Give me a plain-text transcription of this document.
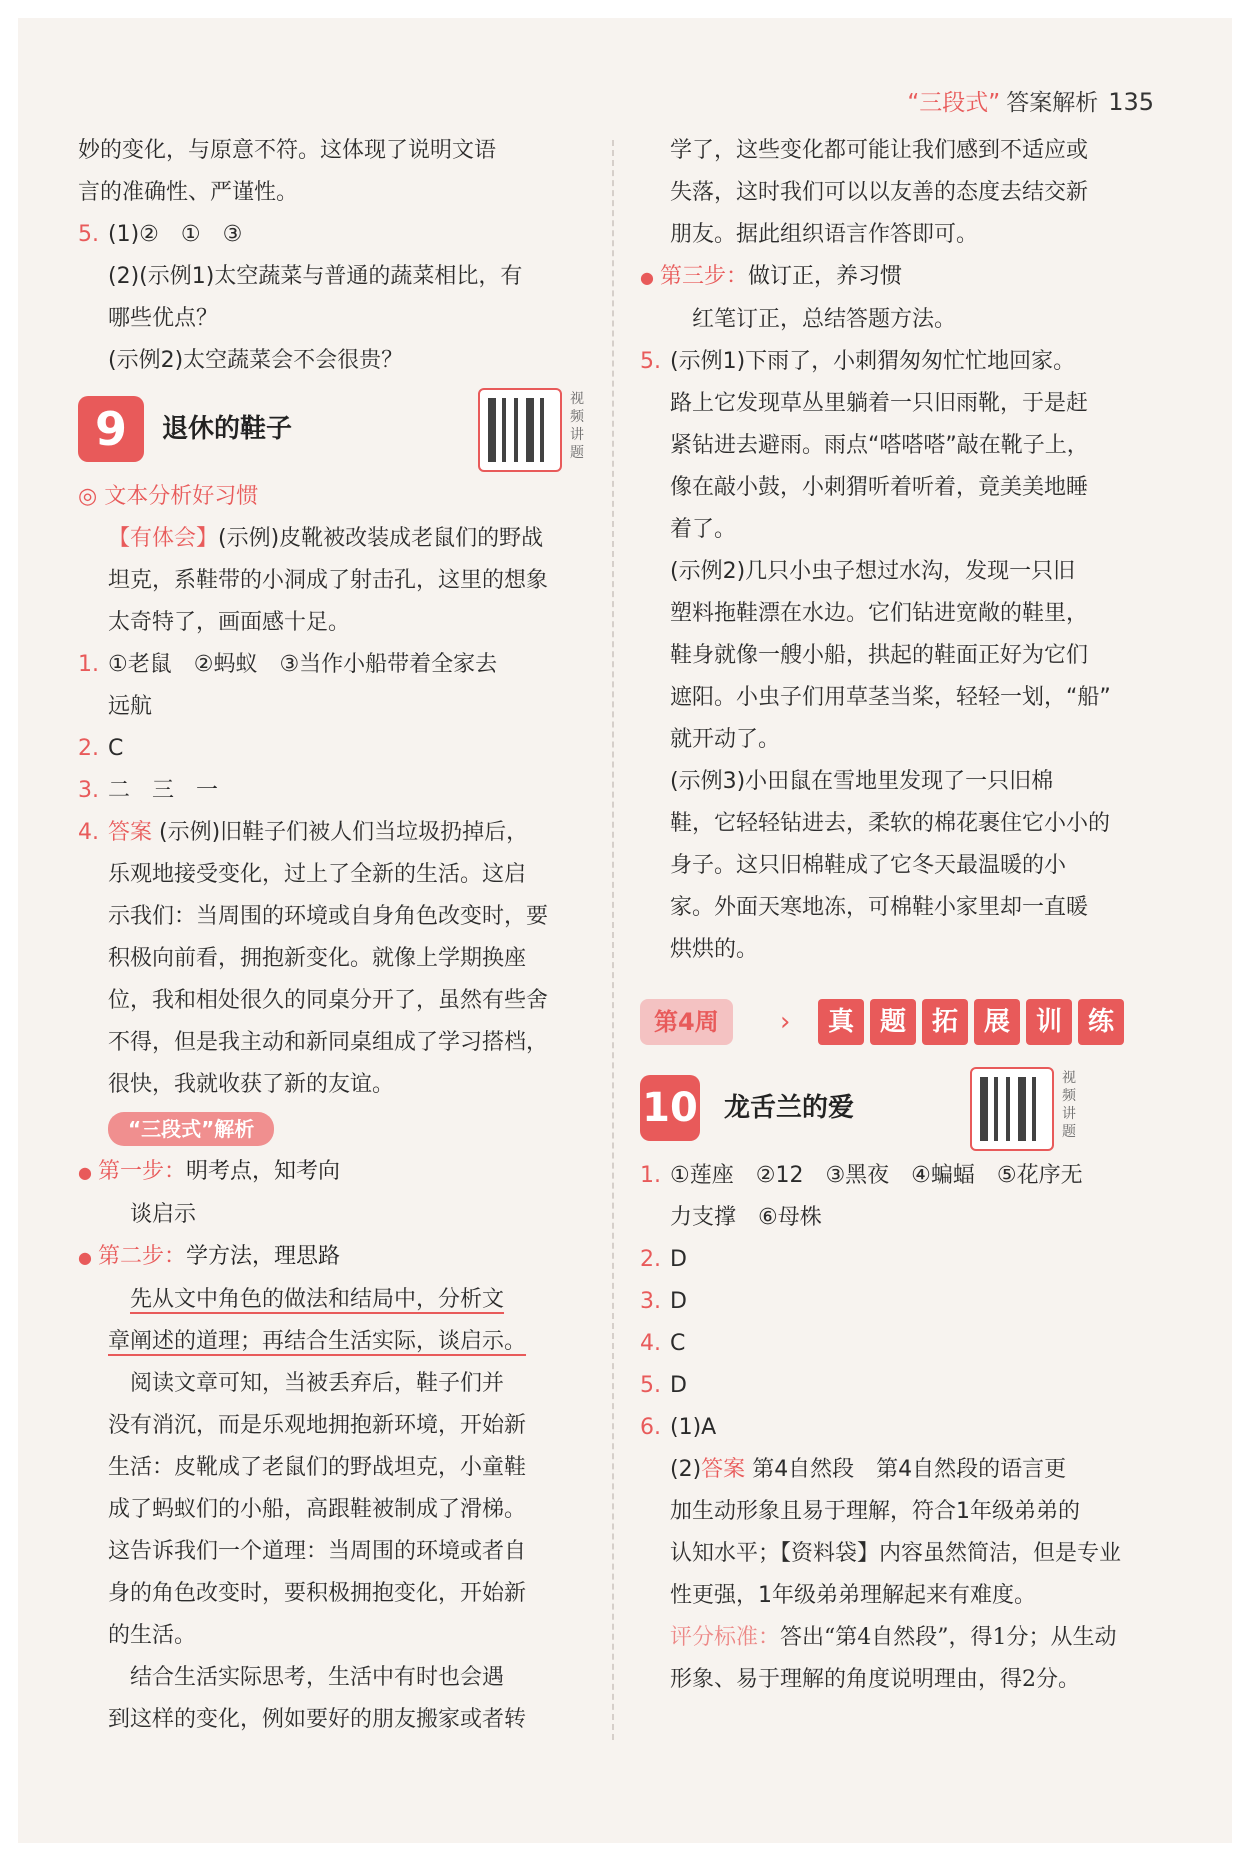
“三段式” 答案解析 135
妙的变化，与原意不符。这体现了说明文语
言的准确性、严谨性。
5. (1)②　①　③
(2)(示例1)太空蔬菜与普通的蔬菜相比，有
哪些优点？
(示例2)太空蔬菜会不会很贵？
9	退休的鞋子
视频讲题
◎ 文本分析好习惯
【有体会】(示例)皮靴被改装成老鼠们的野战
坦克，系鞋带的小洞成了射击孔，这里的想象
太奇特了，画面感十足。
1. ①老鼠　②蚂蚁　③当作小船带着全家去
远航
2. C
3. 二　三　一
4. 答案 (示例)旧鞋子们被人们当垃圾扔掉后，
乐观地接受变化，过上了全新的生活。这启
示我们：当周围的环境或自身角色改变时，要
积极向前看，拥抱新变化。就像上学期换座
位，我和相处很久的同桌分开了，虽然有些舍
不得，但是我主动和新同桌组成了学习搭档，
很快，我就收获了新的友谊。
“三段式”解析
● 第一步：明考点，知考向
谈启示
● 第二步：学方法，理思路
先从文中角色的做法和结局中，分析文
章阐述的道理；再结合生活实际，谈启示。
阅读文章可知，当被丢弃后，鞋子们并
没有消沉，而是乐观地拥抱新环境，开始新
生活：皮靴成了老鼠们的野战坦克，小童鞋
成了蚂蚁们的小船，高跟鞋被制成了滑梯。
这告诉我们一个道理：当周围的环境或者自
身的角色改变时，要积极拥抱变化，开始新
的生活。
结合生活实际思考，生活中有时也会遇
到这样的变化，例如要好的朋友搬家或者转
学了，这些变化都可能让我们感到不适应或
失落，这时我们可以以友善的态度去结交新
朋友。据此组织语言作答即可。
● 第三步：做订正，养习惯
红笔订正，总结答题方法。
5. (示例1)下雨了，小刺猬匆匆忙忙地回家。
路上它发现草丛里躺着一只旧雨靴，于是赶
紧钻进去避雨。雨点“嗒嗒嗒”敲在靴子上，
像在敲小鼓，小刺猬听着听着，竟美美地睡
着了。
(示例2)几只小虫子想过水沟，发现一只旧
塑料拖鞋漂在水边。它们钻进宽敞的鞋里，
鞋身就像一艘小船，拱起的鞋面正好为它们
遮阳。小虫子们用草茎当桨，轻轻一划，“船”
就开动了。
(示例3)小田鼠在雪地里发现了一只旧棉
鞋，它轻轻钻进去，柔软的棉花裹住它小小的
身子。这只旧棉鞋成了它冬天最温暖的小
家。外面天寒地冻，可棉鞋小家里却一直暖
烘烘的。
第4周	›	真 题 拓 展 训 练
10 龙舌兰的爱
视频讲题
1. ①莲座　②12　③黑夜　④蝙蝠　⑤花序无
力支撑　⑥母株
2. D
3. D
4. C
5. D
6. (1)A
(2)答案 第4自然段　第4自然段的语言更
加生动形象且易于理解，符合1年级弟弟的
认知水平；【资料袋】内容虽然简洁，但是专业
性更强，1年级弟弟理解起来有难度。
评分标准：答出“第4自然段”，得1分；从生动
形象、易于理解的角度说明理由，得2分。
